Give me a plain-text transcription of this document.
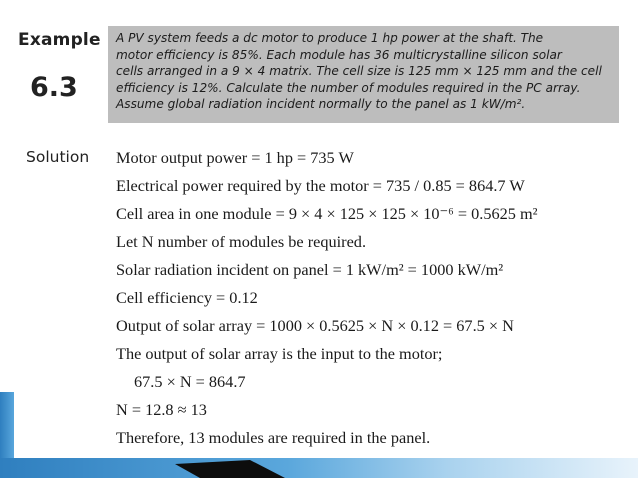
Example
6.3
A PV system feeds a dc motor to produce 1 hp power at the shaft. The
motor efficiency is 85%. Each module has 36 multicrystalline silicon solar
cells arranged in a 9 × 4 matrix. The cell size is 125 mm × 125 mm and the cell
efficiency is 12%. Calculate the number of modules required in the PC array.
Assume global radiation incident normally to the panel as 1 kW/m².
Solution Motor output power = 1 hp = 735 W
Electrical power required by the motor = 735 / 0.85 = 864.7 W
Cell area in one module = 9 × 4 × 125 × 125 × 10⁻⁶ = 0.5625 m²
Let N number of modules be required.
Solar radiation incident on panel = 1 kW/m² = 1000 kW/m²
Cell efficiency = 0.12
Output of solar array = 1000 × 0.5625 × N × 0.12 = 67.5 × N
The output of solar array is the input to the motor;
67.5 × N = 864.7
N = 12.8 ≈ 13
Therefore, 13 modules are required in the panel.
